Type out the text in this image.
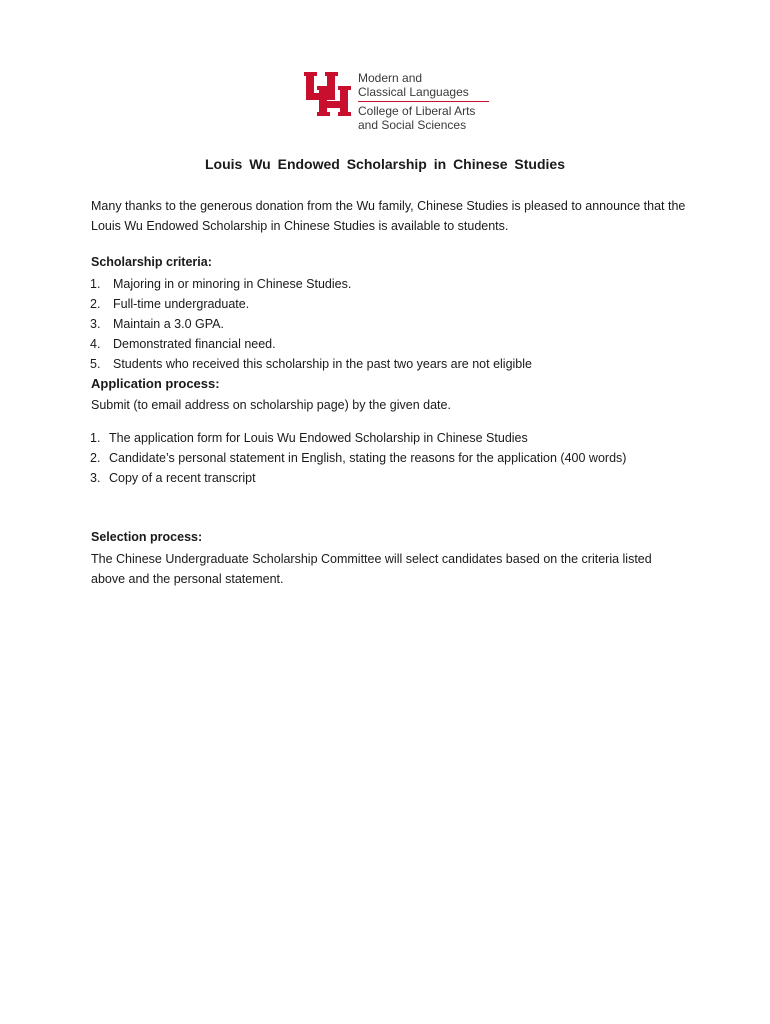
Modern and
Classical Languages
College of Liberal Arts
and Social Sciences
Louis Wu Endowed Scholarship in Chinese Studies
Many thanks to the generous donation from the Wu family, Chinese Studies is pleased to announce that the Louis Wu Endowed Scholarship in Chinese Studies is available to students.
Scholarship criteria:
1. Majoring in or minoring in Chinese Studies.
2. Full-time undergraduate.
3. Maintain a 3.0 GPA.
4. Demonstrated financial need.
5. Students who received this scholarship in the past two years are not eligible
Application process:
Submit (to email address on scholarship page) by the given date.
1. The application form for Louis Wu Endowed Scholarship in Chinese Studies
2. Candidate’s personal statement in English, stating the reasons for the application (400 words)
3. Copy of a recent transcript
Selection process:
The Chinese Undergraduate Scholarship Committee will select candidates based on the criteria listed above and the personal statement.
